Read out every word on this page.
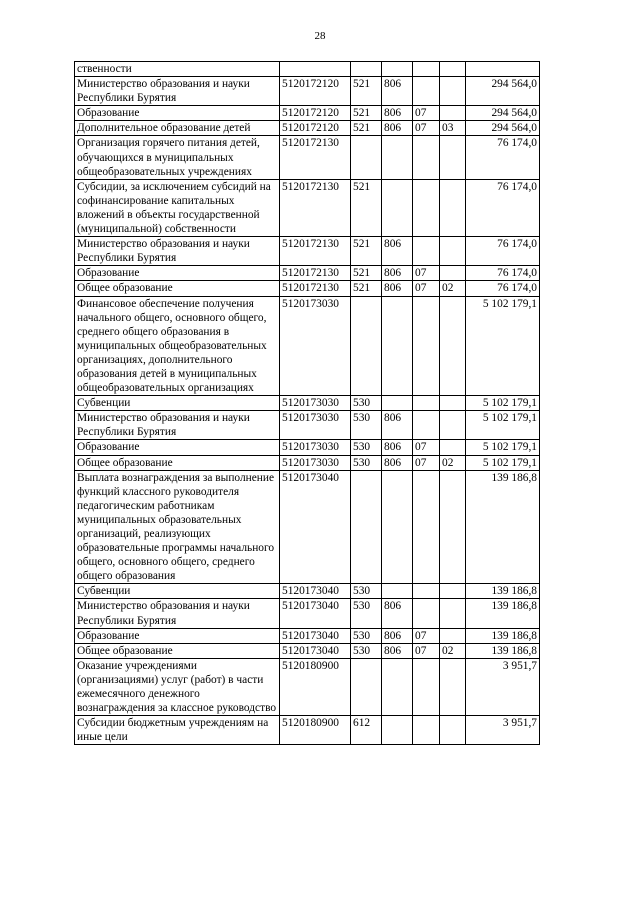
28
ственности						
Министерство образования и науки Республики Бурятия	5120172120	521	806			294 564,0
Образование	5120172120	521	806	07		294 564,0
Дополнительное образование детей	5120172120	521	806	07	03	294 564,0
Организация горячего питания детей, обучающихся в муниципальных общеобразовательных учреждениях	5120172130					76 174,0
Субсидии, за исключением субсидий на софинансирование капитальных вложений в объекты государственной (муниципальной) собственности	5120172130	521				76 174,0
Министерство образования и науки Республики Бурятия	5120172130	521	806			76 174,0
Образование	5120172130	521	806	07		76 174,0
Общее образование	5120172130	521	806	07	02	76 174,0
Финансовое обеспечение получения начального общего, основного общего, среднего общего образования в муниципальных общеобразовательных организациях, дополнительного образования детей в муниципальных общеобразовательных организациях	5120173030					5 102 179,1
Субвенции	5120173030	530				5 102 179,1
Министерство образования и науки Республики Бурятия	5120173030	530	806			5 102 179,1
Образование	5120173030	530	806	07		5 102 179,1
Общее образование	5120173030	530	806	07	02	5 102 179,1
Выплата вознаграждения за выполнение функций классного руководителя педагогическим работникам муниципальных образовательных организаций, реализующих образовательные программы начального общего, основного общего, среднего общего образования	5120173040					139 186,8
Субвенции	5120173040	530				139 186,8
Министерство образования и науки Республики Бурятия	5120173040	530	806			139 186,8
Образование	5120173040	530	806	07		139 186,8
Общее образование	5120173040	530	806	07	02	139 186,8
Оказание учреждениями (организациями) услуг (работ) в части ежемесячного денежного вознаграждения за классное руководство	5120180900					3 951,7
Субсидии бюджетным учреждениям на иные цели	5120180900	612				3 951,7
